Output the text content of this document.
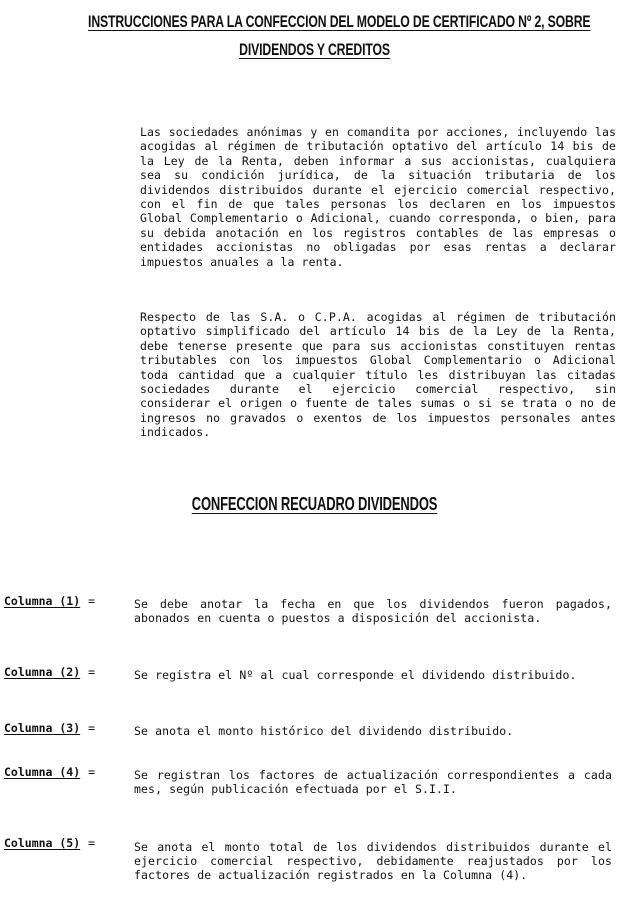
INSTRUCCIONES PARA LA CONFECCION DEL MODELO DE CERTIFICADO Nº 2, SOBRE
DIVIDENDOS Y CREDITOS
Las sociedades anónimas y en comandita por acciones, incluyendo las acogidas al régimen de tributación optativo del artículo 14 bis de la Ley de la Renta, deben informar a sus accionistas, cualquiera sea su condición jurídica, de la situación tributaria de los dividendos distribuidos durante el ejercicio comercial respectivo, con el fin de que tales personas los declaren en los impuestos Global Complementario o Adicional, cuando corresponda, o bien, para su debida anotación en los registros contables de las empresas o entidades accionistas no obligadas por esas rentas a declarar impuestos anuales a la renta.
Respecto de las S.A. o C.P.A. acogidas al régimen de tributación optativo simplificado del artículo 14 bis de la Ley de la Renta, debe tenerse presente que para sus accionistas constituyen rentas tributables con los impuestos Global Complementario o Adicional toda cantidad que a cualquier título les distribuyan las citadas sociedades durante el ejercicio comercial respectivo, sin considerar el origen o fuente de tales sumas o si se trata o no de ingresos no gravados o exentos de los impuestos personales antes indicados.
CONFECCION RECUADRO DIVIDENDOS
Columna (1) =	Se debe anotar la fecha en que los dividendos fueron pagados, abonados en cuenta o puestos a disposición del accionista.
Columna (2) =	Se registra el Nº al cual corresponde el dividendo distribuido.
Columna (3) =	Se anota el monto histórico del dividendo distribuido.
Columna (4) =	Se registran los factores de actualización correspondientes a cada mes, según publicación efectuada por el S.I.I.
Columna (5) =	Se anota el monto total de los dividendos distribuidos durante el ejercicio comercial respectivo, debidamente reajustados por los factores de actualización registrados en la Columna (4).
